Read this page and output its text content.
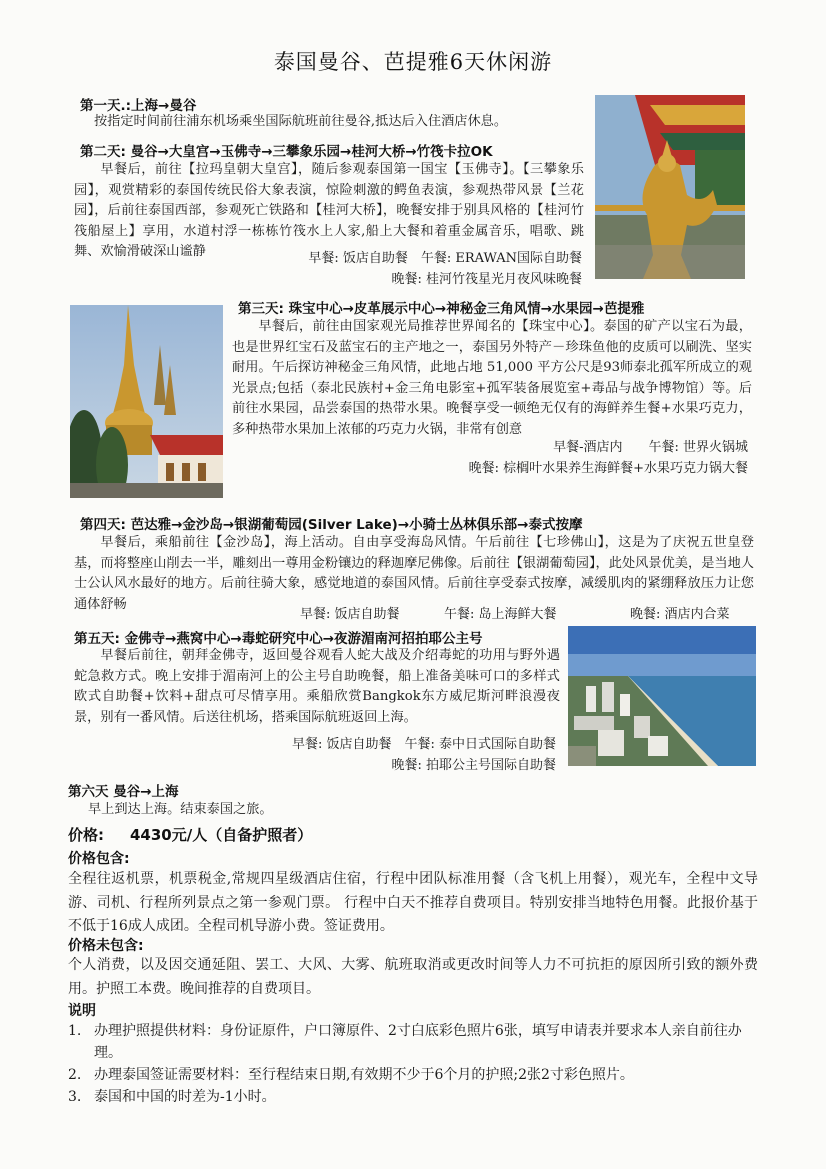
泰国曼谷、芭提雅6天休闲游
第一天.:上海→曼谷
按指定时间前往浦东机场乘坐国际航班前往曼谷,抵达后入住酒店休息。
第二天: 曼谷→大皇宫→玉佛寺→三攀象乐园→桂河大桥→竹筏卡拉OK
早餐后，前往【拉玛皇朝大皇宫】，随后参观泰国第一国宝【玉佛寺】。【三攀象乐园】，观赏精彩的泰国传统民俗大象表演，惊险刺激的鳄鱼表演，参观热带风景【兰花园】，后前往泰国西部，参观死亡铁路和【桂河大桥】，晚餐安排于别具风格的【桂河竹筏船屋上】享用，水道村浮一栋栋竹筏水上人家,船上大餐和着重金属音乐，唱歌、跳舞、欢愉滑破深山谧静	早餐: 饭店自助餐　午餐: ERAWAN国际自助餐
晚餐: 桂河竹筏星光月夜风味晚餐
第三天: 珠宝中心→皮革展示中心→神秘金三角风情→水果园→芭提雅
早餐后，前往由国家观光局推荐世界闻名的【珠宝中心】。泰国的矿产以宝石为最，也是世界红宝石及蓝宝石的主产地之一，泰国另外特产－珍珠鱼他的皮质可以刷洗、坚实耐用。午后探访神秘金三角风情，此地占地 51,000 平方公尺是93师泰北孤军所成立的观光景点;包括（泰北民族村+金三角电影室+孤军装备展览室+毒品与战争博物馆）等。后前往水果园，品尝泰国的热带水果。晚餐享受一顿绝无仅有的海鲜养生餐+水果巧克力，多种热带水果加上浓郁的巧克力火锅，非常有创意
早餐-酒店内　　午餐: 世界火锅城
晚餐: 棕榈叶水果养生海鲜餐+水果巧克力锅大餐
第四天: 芭达雅→金沙岛→银湖葡萄园(Silver Lake)→小骑士丛林俱乐部→泰式按摩
早餐后，乘船前往【金沙岛】，海上活动。自由享受海岛风情。午后前往【七珍佛山】，这是为了庆祝五世皇登基，而将整座山削去一半，雕刻出一尊用金粉镶边的释迦摩尼佛像。后前往【银湖葡萄园】，此处风景优美，是当地人士公认风水最好的地方。后前往骑大象，感觉地道的泰国风情。后前往享受泰式按摩，减缓肌肉的紧绷释放压力让您通体舒畅
早餐: 饭店自助餐	午餐: 岛上海鲜大餐	晚餐: 酒店内合菜
第五天: 金佛寺→燕窝中心→毒蛇研究中心→夜游湄南河招拍耶公主号
早餐后前往，朝拜金佛寺，返回曼谷观看人蛇大战及介绍毒蛇的功用与野外遇蛇急救方式。晚上安排于湄南河上的公主号自助晚餐，船上准备美味可口的多样式欧式自助餐+饮料+甜点可尽情享用。乘船欣赏Bangkok东方威尼斯河畔浪漫夜景，别有一番风情。后送往机场，搭乘国际航班返回上海。
早餐: 饭店自助餐　午餐: 泰中日式国际自助餐
晚餐: 拍耶公主号国际自助餐
第六天 曼谷→上海
早上到达上海。结束泰国之旅。
价格: 4430元/人（自备护照者）
价格包含:
全程往返机票，机票税金,常规四星级酒店住宿，行程中团队标准用餐（含飞机上用餐），观光车，全程中文导游、司机、行程所列景点之第一参观门票。 行程中白天不推荐自费项目。特别安排当地特色用餐。此报价基于不低于16成人成团。全程司机导游小费。签证费用。
价格未包含:
个人消费，以及因交通延阻、罢工、大风、大雾、航班取消或更改时间等人力不可抗拒的原因所引致的额外费用。护照工本费。晚间推荐的自费项目。
说明
1. 办理护照提供材料：身份证原件，户口簿原件、2寸白底彩色照片6张，填写申请表并要求本人亲自前往办理。
2. 办理泰国签证需要材料：至行程结束日期,有效期不少于6个月的护照;2张2寸彩色照片。
3. 泰国和中国的时差为-1小时。
